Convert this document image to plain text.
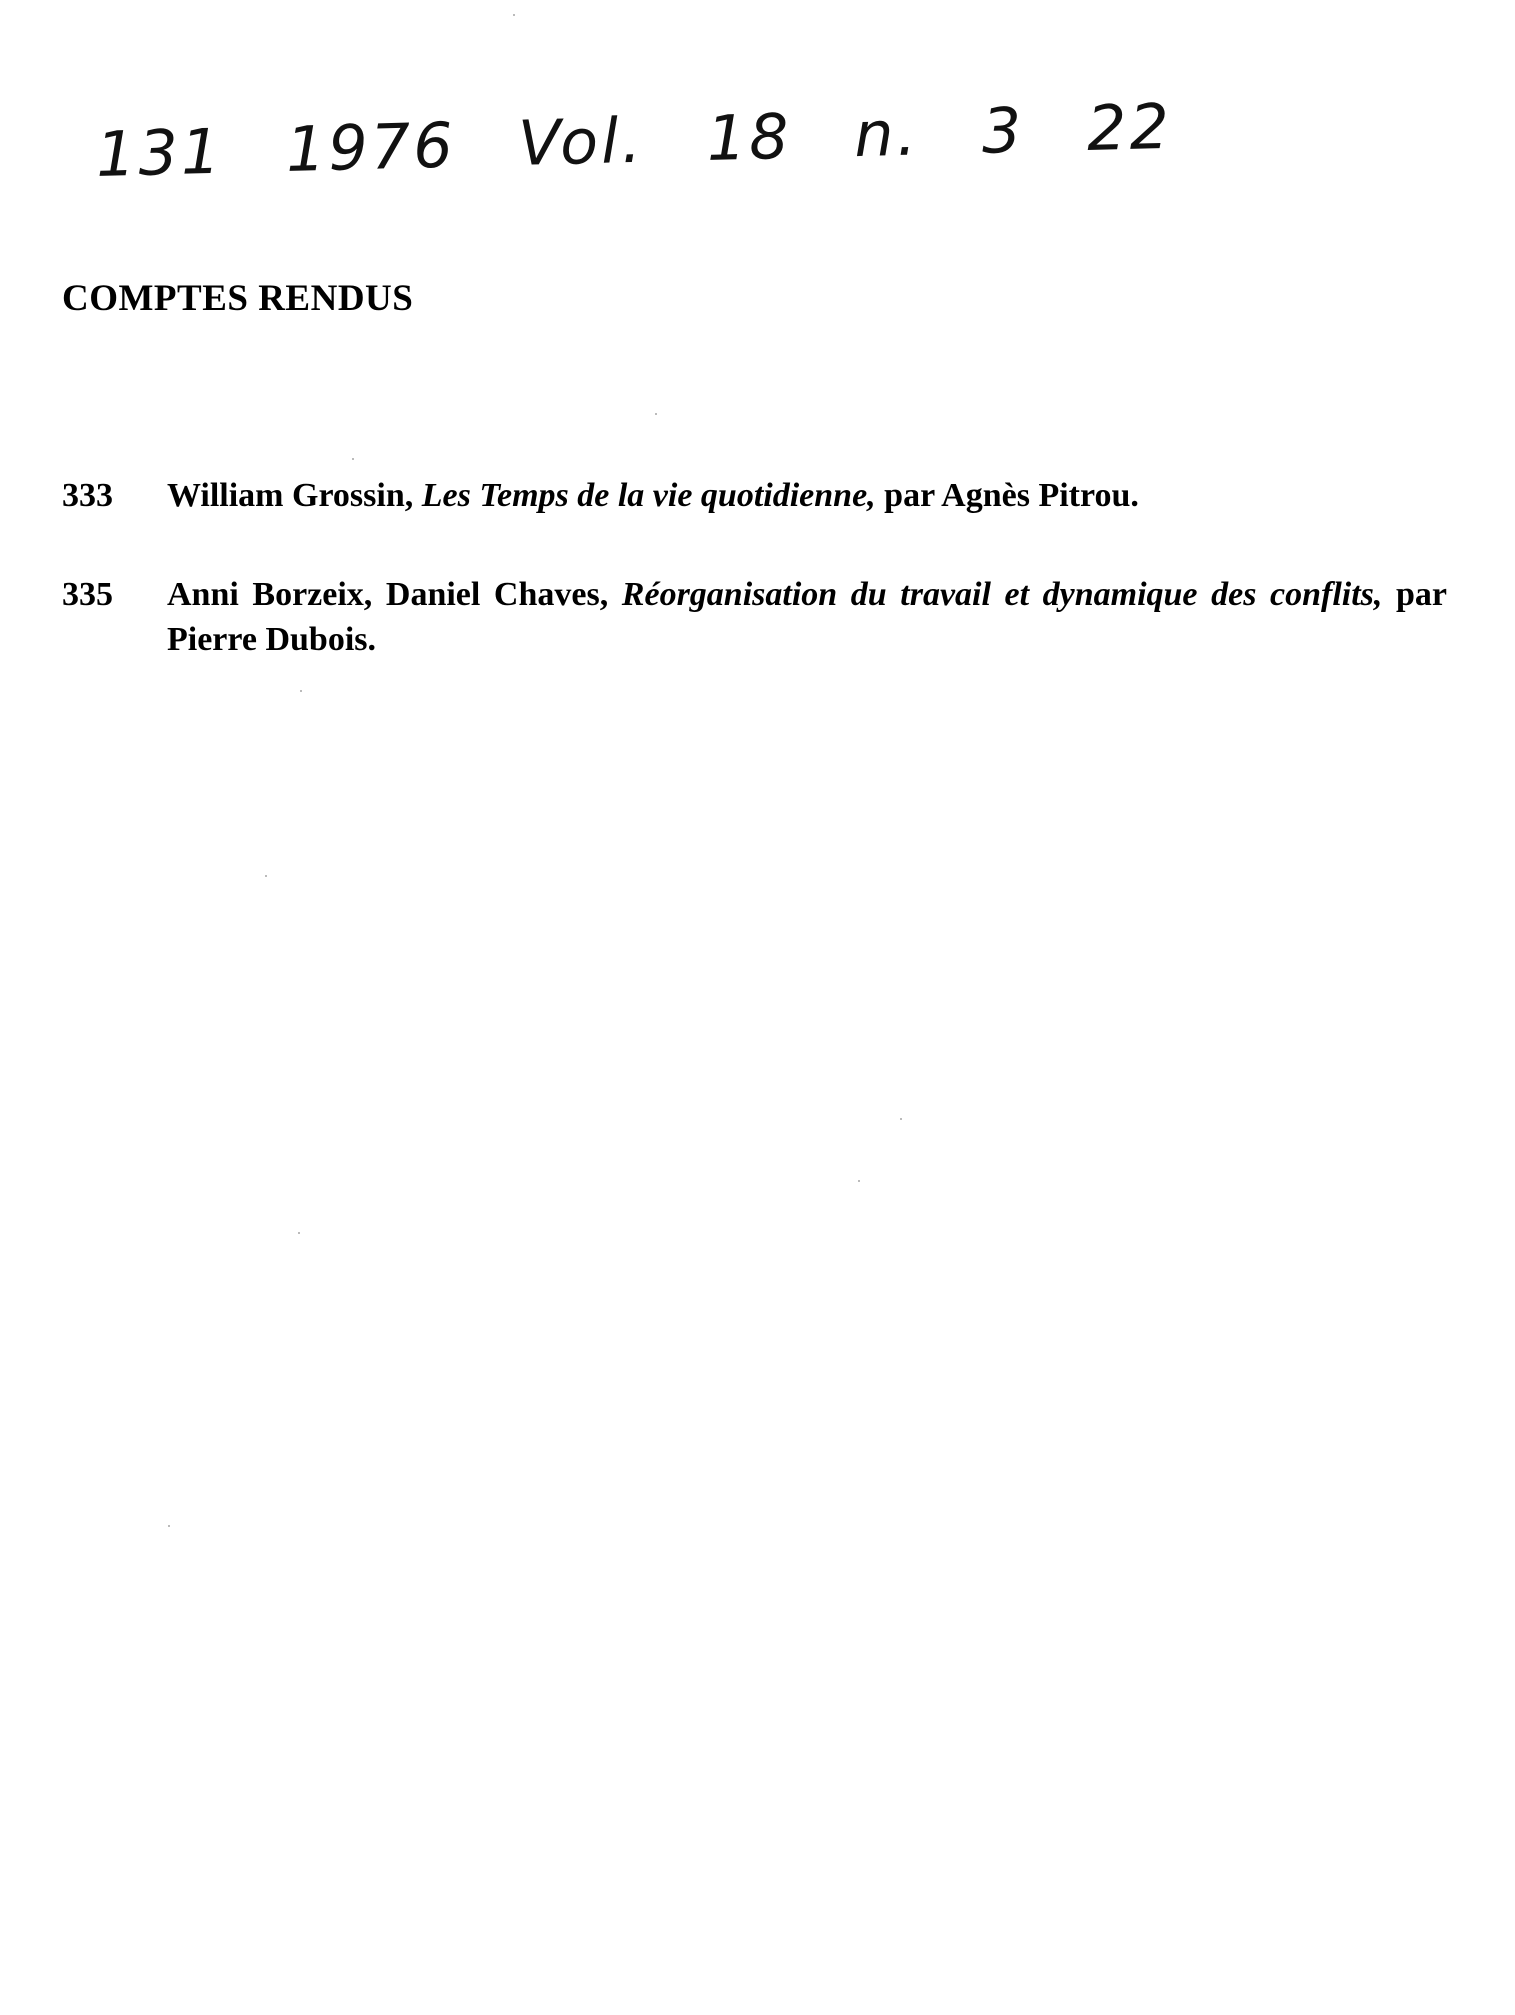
131 1976 Vol. 18 n. 3 22
COMPTES RENDUS
333	William Grossin, Les Temps de la vie quotidienne, par Agnès Pitrou.
335	Anni Borzeix, Daniel Chaves, Réorganisation du travail et dynamique des conflits, par Pierre Dubois.
